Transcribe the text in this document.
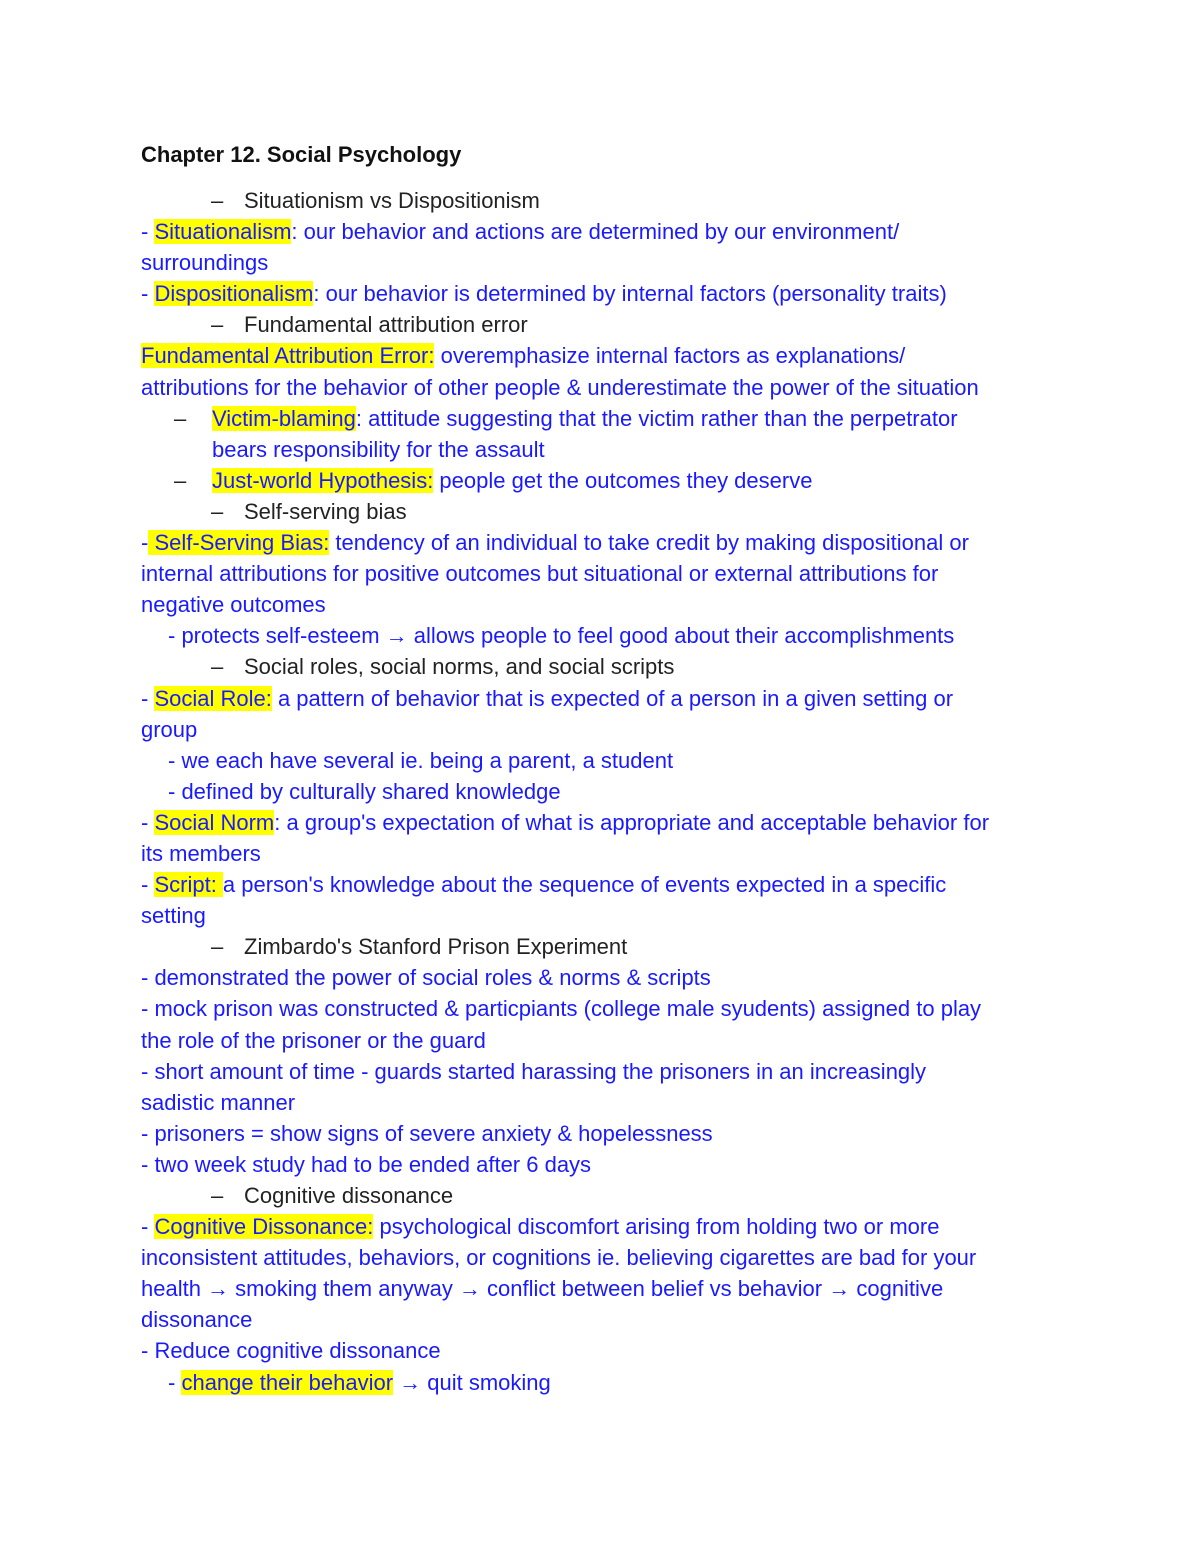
Chapter 12. Social Psychology

– Situationism vs Dispositionism

- Situationalism: our behavior and actions are determined by our environment/

surroundings

- Dispositionalism: our behavior is determined by internal factors (personality traits)

– Fundamental attribution error

Fundamental Attribution Error: overemphasize internal factors as explanations/

attributions for the behavior of other people & underestimate the power of the situation

– Victim-blaming: attitude suggesting that the victim rather than the perpetrator

bears responsibility for the assault

– Just-world Hypothesis: people get the outcomes they deserve

– Self-serving bias

- Self-Serving Bias: tendency of an individual to take credit by making dispositional or

internal attributions for positive outcomes but situational or external attributions for

negative outcomes

- protects self-esteem → allows people to feel good about their accomplishments

– Social roles, social norms, and social scripts

- Social Role: a pattern of behavior that is expected of a person in a given setting or

group

- we each have several ie. being a parent, a student

- defined by culturally shared knowledge

- Social Norm: a group's expectation of what is appropriate and acceptable behavior for

its members

- Script: a person's knowledge about the sequence of events expected in a specific

setting

– Zimbardo's Stanford Prison Experiment

- demonstrated the power of social roles & norms & scripts

- mock prison was constructed & particpiants (college male syudents) assigned to play

the role of the prisoner or the guard

- short amount of time - guards started harassing the prisoners in an increasingly

sadistic manner

- prisoners = show signs of severe anxiety & hopelessness

- two week study had to be ended after 6 days

– Cognitive dissonance

- Cognitive Dissonance: psychological discomfort arising from holding two or more

inconsistent attitudes, behaviors, or cognitions ie. believing cigarettes are bad for your

health → smoking them anyway → conflict between belief vs behavior → cognitive

dissonance

- Reduce cognitive dissonance

- change their behavior → quit smoking
